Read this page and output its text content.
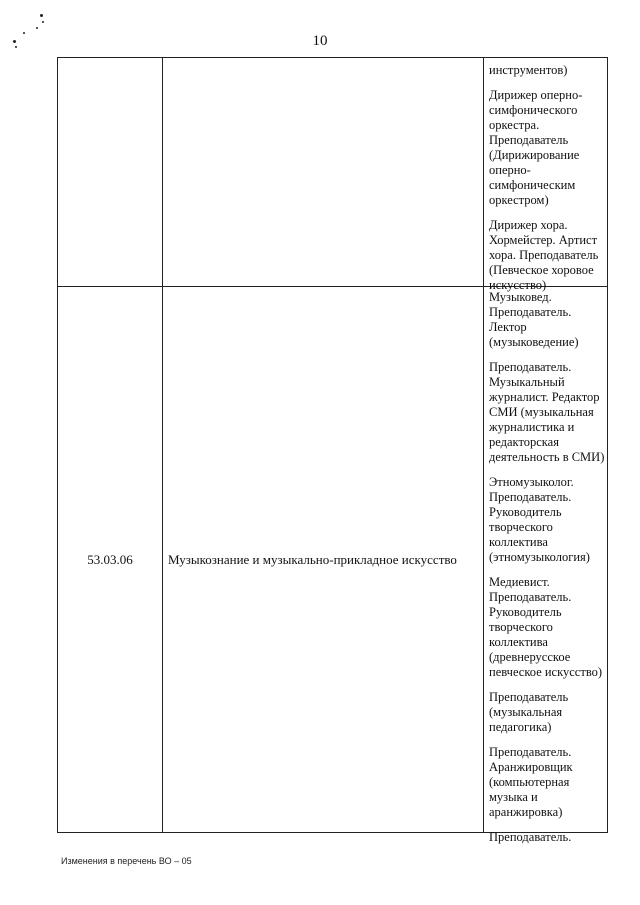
10
инструментов)
Дирижер оперно-симфонического оркестра. Преподаватель (Дирижирование оперно-симфоническим оркестром)
Дирижер хора. Хормейстер. Артист хора. Преподаватель (Певческое хоровое искусство)
53.03.06	Музыкознание и музыкально-прикладное искусство
Музыковед. Преподаватель. Лектор (музыковедение)
Преподаватель. Музыкальный журналист. Редактор СМИ (музыкальная журналистика и редакторская деятельность в СМИ)
Этномузыколог. Преподаватель. Руководитель творческого коллектива (этномузыкология)
Медиевист. Преподаватель. Руководитель творческого коллектива (древнерусское певческое искусство)
Преподаватель (музыкальная педагогика)
Преподаватель. Аранжировщик (компьютерная музыка и аранжировка)
Преподаватель.
Изменения в перечень ВО – 05
